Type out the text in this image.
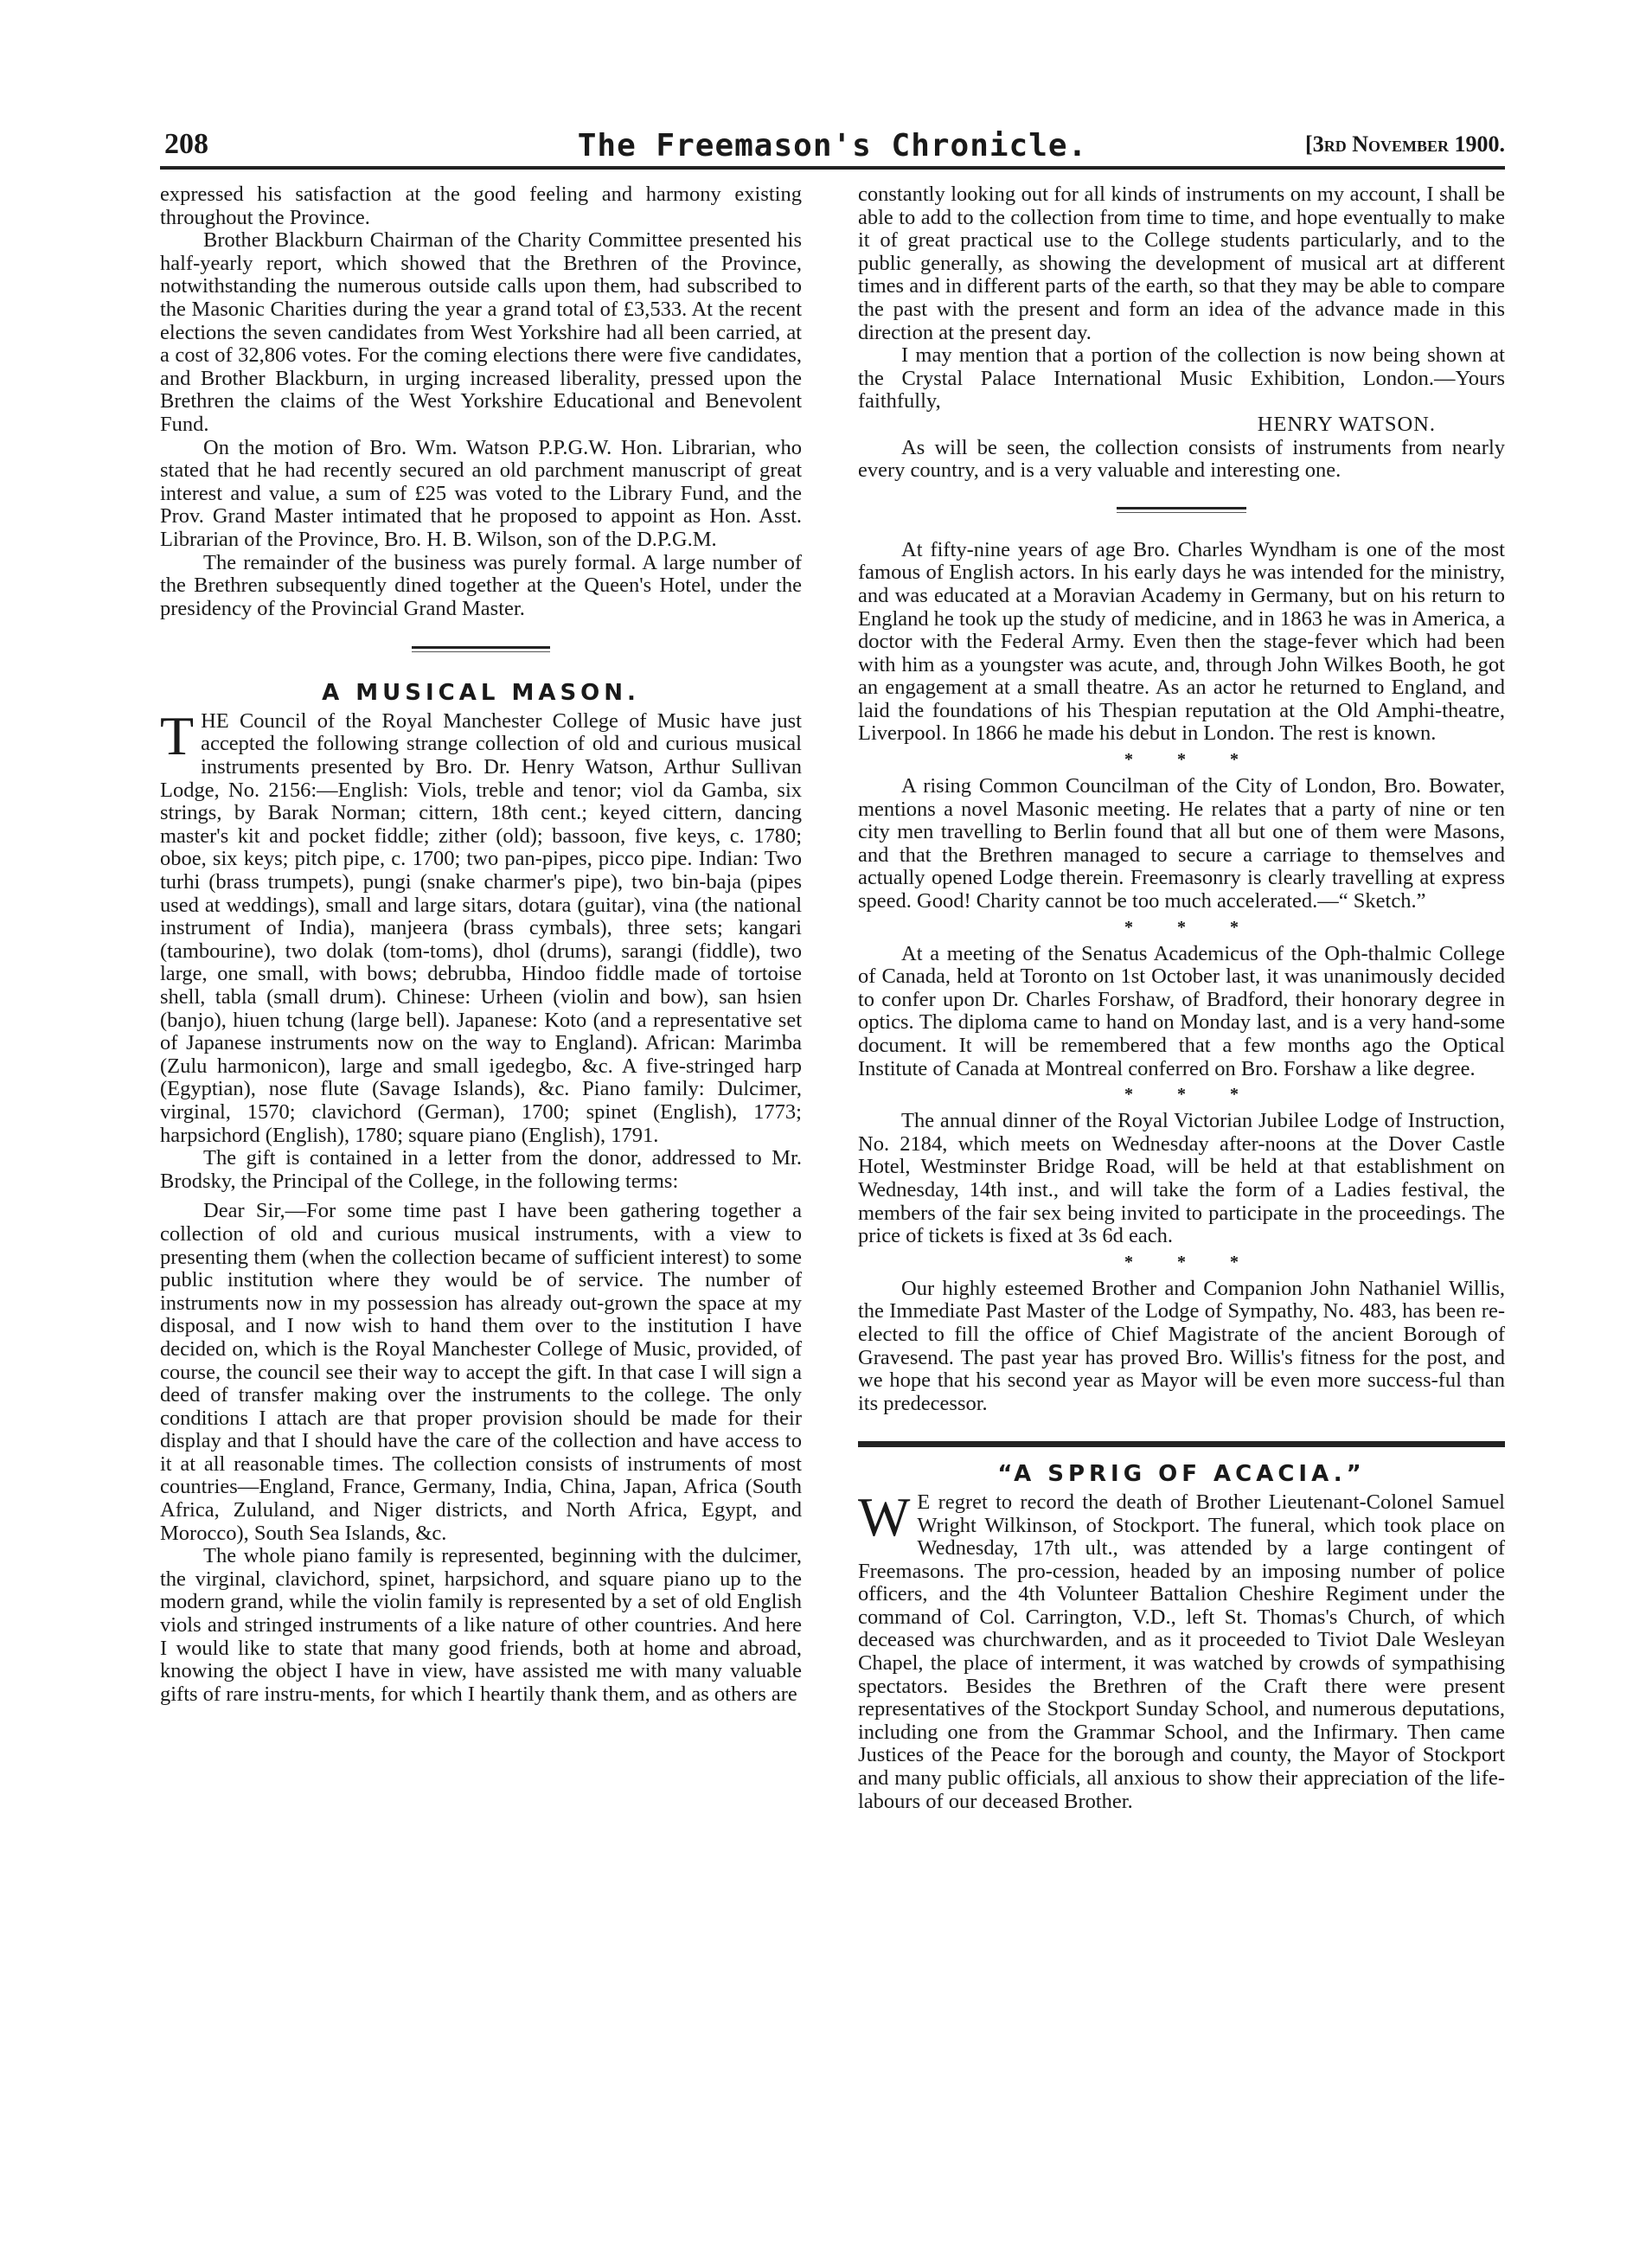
208	The Freemason's Chronicle.	[3rd November 1900.

expressed his satisfaction at the good feeling and harmony existing throughout the Province.

Brother Blackburn Chairman of the Charity Committee presented his half-yearly report, which showed that the Brethren of the Province, notwithstanding the numerous outside calls upon them, had subscribed to the Masonic Charities during the year a grand total of £3,533. At the recent elections the seven candidates from West Yorkshire had all been carried, at a cost of 32,806 votes. For the coming elections there were five candidates, and Brother Blackburn, in urging increased liberality, pressed upon the Brethren the claims of the West Yorkshire Educational and Benevolent Fund.

On the motion of Bro. Wm. Watson P.P.G.W. Hon. Librarian, who stated that he had recently secured an old parchment manuscript of great interest and value, a sum of £25 was voted to the Library Fund, and the Prov. Grand Master intimated that he proposed to appoint as Hon. Asst. Librarian of the Province, Bro. H. B. Wilson, son of the D.P.G.M.

The remainder of the business was purely formal. A large number of the Brethren subsequently dined together at the Queen's Hotel, under the presidency of the Provincial Grand Master.

A MUSICAL MASON.

THE Council of the Royal Manchester College of Music have just accepted the following strange collection of old and curious musical instruments presented by Bro. Dr. Henry Watson, Arthur Sullivan Lodge, No. 2156:—English: Viols, treble and tenor; viol da Gamba, six strings, by Barak Norman; cittern, 18th cent.; keyed cittern, dancing master's kit and pocket fiddle; zither (old); bassoon, five keys, c. 1780; oboe, six keys; pitch pipe, c. 1700; two pan-pipes, picco pipe. Indian: Two turhi (brass trumpets), pungi (snake charmer's pipe), two bin-baja (pipes used at weddings), small and large sitars, dotara (guitar), vina (the national instrument of India), manjeera (brass cymbals), three sets; kangari (tambourine), two dolak (tom-toms), dhol (drums), sarangi (fiddle), two large, one small, with bows; debrubba, Hindoo fiddle made of tortoise shell, tabla (small drum). Chinese: Urheen (violin and bow), san hsien (banjo), hiuen tchung (large bell). Japanese: Koto (and a representative set of Japanese instruments now on the way to England). African: Marimba (Zulu harmonicon), large and small igedegbo, &c. A five-stringed harp (Egyptian), nose flute (Savage Islands), &c. Piano family: Dulcimer, virginal, 1570; clavichord (German), 1700; spinet (English), 1773; harpsichord (English), 1780; square piano (English), 1791.

The gift is contained in a letter from the donor, addressed to Mr. Brodsky, the Principal of the College, in the following terms:

Dear Sir,—For some time past I have been gathering together a collection of old and curious musical instruments, with a view to presenting them (when the collection became of sufficient interest) to some public institution where they would be of service. The number of instruments now in my possession has already out-grown the space at my disposal, and I now wish to hand them over to the institution I have decided on, which is the Royal Manchester College of Music, provided, of course, the council see their way to accept the gift. In that case I will sign a deed of transfer making over the instruments to the college. The only conditions I attach are that proper provision should be made for their display and that I should have the care of the collection and have access to it at all reasonable times. The collection consists of instruments of most countries—England, France, Germany, India, China, Japan, Africa (South Africa, Zululand, and Niger districts, and North Africa, Egypt, and Morocco), South Sea Islands, &c.

The whole piano family is represented, beginning with the dulcimer, the virginal, clavichord, spinet, harpsichord, and square piano up to the modern grand, while the violin family is represented by a set of old English viols and stringed instruments of a like nature of other countries. And here I would like to state that many good friends, both at home and abroad, knowing the object I have in view, have assisted me with many valuable gifts of rare instru-ments, for which I heartily thank them, and as others are

constantly looking out for all kinds of instruments on my account, I shall be able to add to the collection from time to time, and hope eventually to make it of great practical use to the College students particularly, and to the public generally, as showing the development of musical art at different times and in different parts of the earth, so that they may be able to compare the past with the present and form an idea of the advance made in this direction at the present day.

I may mention that a portion of the collection is now being shown at the Crystal Palace International Music Exhibition, London.—Yours faithfully,

HENRY WATSON.

As will be seen, the collection consists of instruments from nearly every country, and is a very valuable and interesting one.

At fifty-nine years of age Bro. Charles Wyndham is one of the most famous of English actors. In his early days he was intended for the ministry, and was educated at a Moravian Academy in Germany, but on his return to England he took up the study of medicine, and in 1863 he was in America, a doctor with the Federal Army. Even then the stage-fever which had been with him as a youngster was acute, and, through John Wilkes Booth, he got an engagement at a small theatre. As an actor he returned to England, and laid the foundations of his Thespian reputation at the Old Amphi-theatre, Liverpool. In 1866 he made his debut in London. The rest is known.

* * *

A rising Common Councilman of the City of London, Bro. Bowater, mentions a novel Masonic meeting. He relates that a party of nine or ten city men travelling to Berlin found that all but one of them were Masons, and that the Brethren managed to secure a carriage to themselves and actually opened Lodge therein. Freemasonry is clearly travelling at express speed. Good! Charity cannot be too much accelerated.—“ Sketch.”

* * *

At a meeting of the Senatus Academicus of the Oph-thalmic College of Canada, held at Toronto on 1st October last, it was unanimously decided to confer upon Dr. Charles Forshaw, of Bradford, their honorary degree in optics. The diploma came to hand on Monday last, and is a very hand-some document. It will be remembered that a few months ago the Optical Institute of Canada at Montreal conferred on Bro. Forshaw a like degree.

* * *

The annual dinner of the Royal Victorian Jubilee Lodge of Instruction, No. 2184, which meets on Wednesday after-noons at the Dover Castle Hotel, Westminster Bridge Road, will be held at that establishment on Wednesday, 14th inst., and will take the form of a Ladies festival, the members of the fair sex being invited to participate in the proceedings. The price of tickets is fixed at 3s 6d each.

* * *

Our highly esteemed Brother and Companion John Nathaniel Willis, the Immediate Past Master of the Lodge of Sympathy, No. 483, has been re-elected to fill the office of Chief Magistrate of the ancient Borough of Gravesend. The past year has proved Bro. Willis's fitness for the post, and we hope that his second year as Mayor will be even more success-ful than its predecessor.

“A SPRIG OF ACACIA.”

W E regret to record the death of Brother Lieutenant-Colonel Samuel Wright Wilkinson, of Stockport. The funeral, which took place on Wednesday, 17th ult., was attended by a large contingent of Freemasons. The pro-cession, headed by an imposing number of police officers, and the 4th Volunteer Battalion Cheshire Regiment under the command of Col. Carrington, V.D., left St. Thomas's Church, of which deceased was churchwarden, and as it proceeded to Tiviot Dale Wesleyan Chapel, the place of interment, it was watched by crowds of sympathising spectators. Besides the Brethren of the Craft there were present representatives of the Stockport Sunday School, and numerous deputations, including one from the Grammar School, and the Infirmary. Then came Justices of the Peace for the borough and county, the Mayor of Stockport and many public officials, all anxious to show their appreciation of the life-labours of our deceased Brother.
